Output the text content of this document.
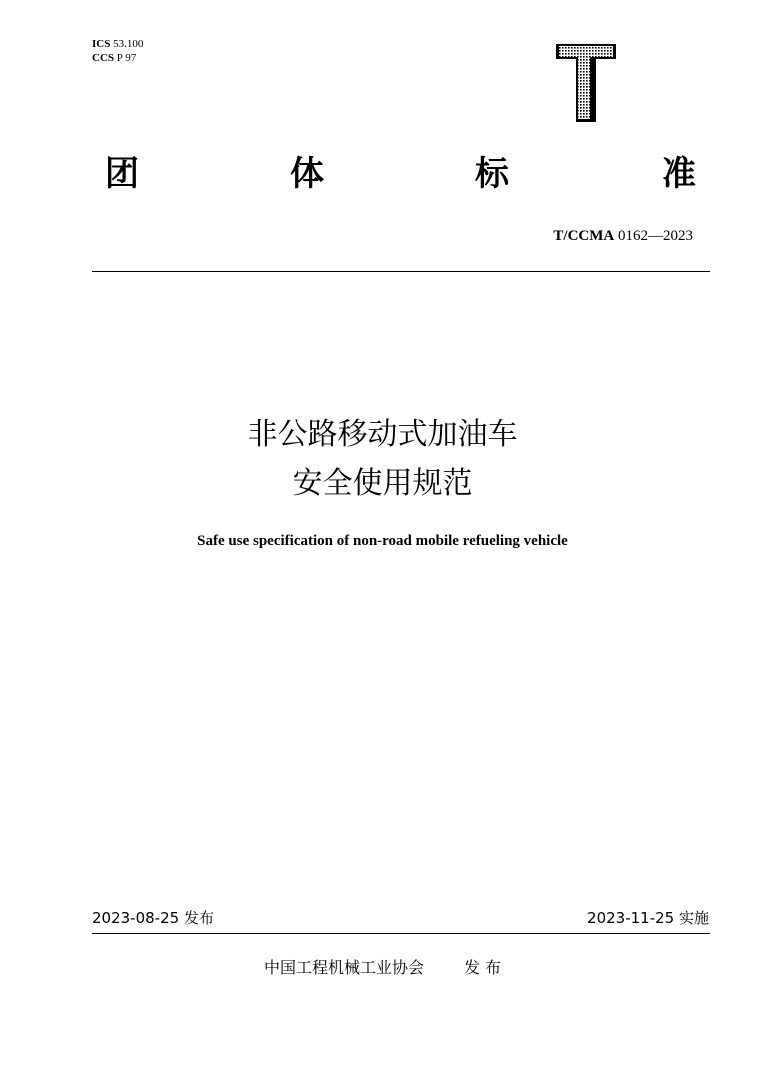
ICS 53.100
CCS P 97
团	体	标	准
T/CCMA 0162—2023
非公路移动式加油车
安全使用规范
Safe use specification of non-road mobile refueling vehicle
2023-08-25 发布	2023-11-25 实施
中国工程机械工业协会	发 布
